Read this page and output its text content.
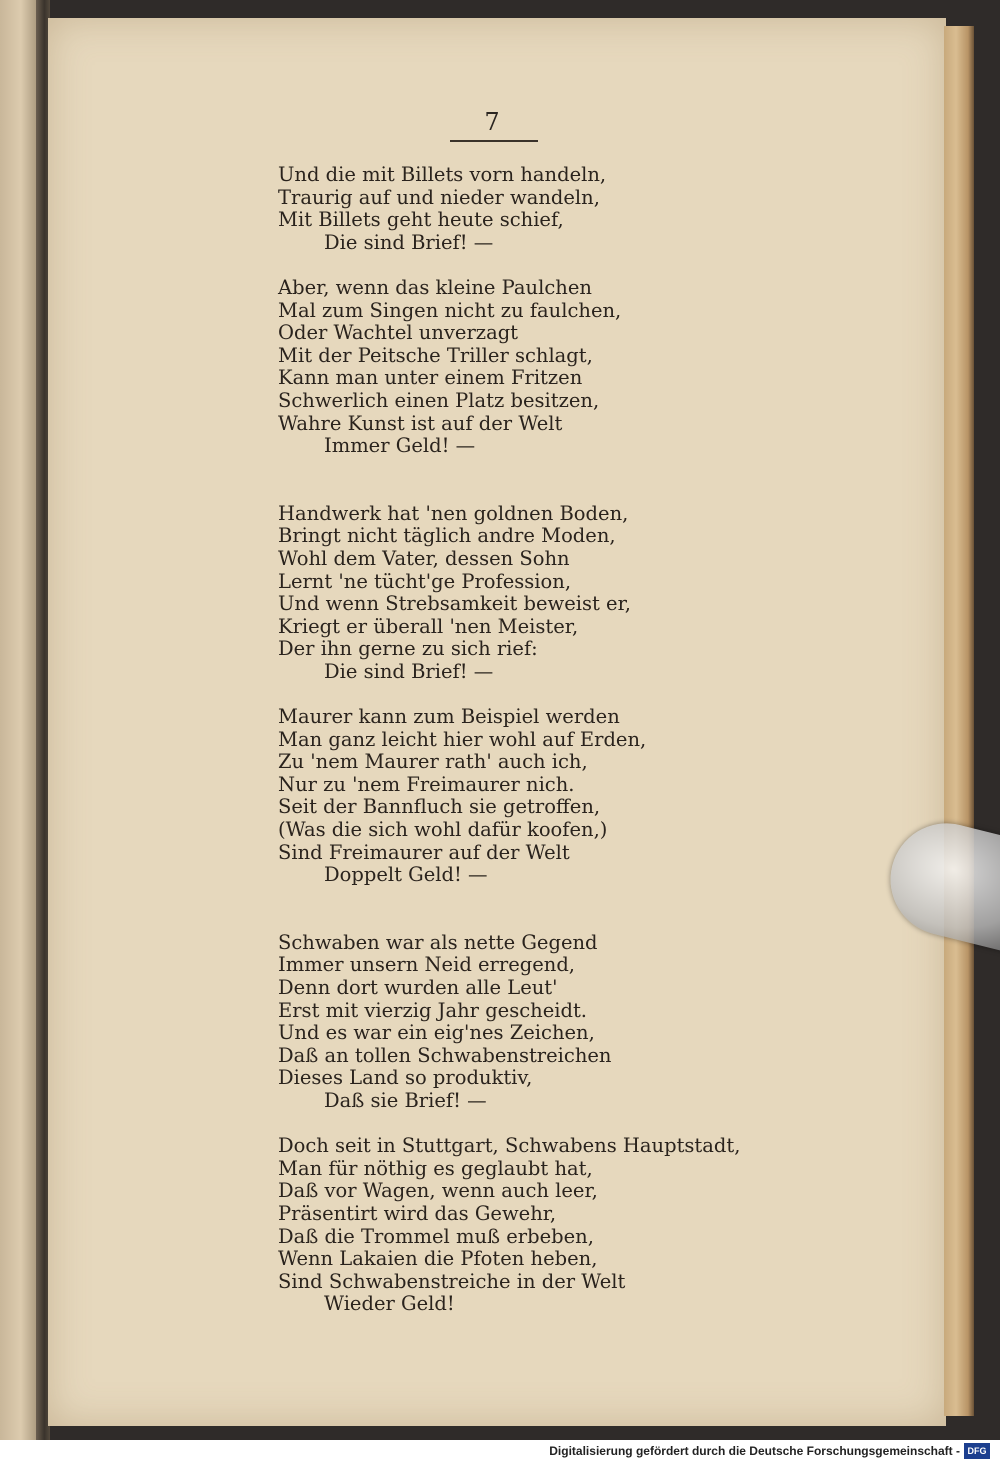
7
Und die mit Billets vorn handeln,
Traurig auf und nieder wandeln,
Mit Billets geht heute schief,
Die sind Brief! —
Aber, wenn das kleine Paulchen
Mal zum Singen nicht zu faulchen,
Oder Wachtel unverzagt
Mit der Peitsche Triller schlagt,
Kann man unter einem Fritzen
Schwerlich einen Platz besitzen,
Wahre Kunst ist auf der Welt
Immer Geld! —
Handwerk hat 'nen goldnen Boden,
Bringt nicht täglich andre Moden,
Wohl dem Vater, dessen Sohn
Lernt 'ne tücht'ge Profession,
Und wenn Strebsamkeit beweist er,
Kriegt er überall 'nen Meister,
Der ihn gerne zu sich rief:
Die sind Brief! —
Maurer kann zum Beispiel werden
Man ganz leicht hier wohl auf Erden,
Zu 'nem Maurer rath' auch ich,
Nur zu 'nem Freimaurer nich.
Seit der Bannfluch sie getroffen,
(Was die sich wohl dafür koofen,)
Sind Freimaurer auf der Welt
Doppelt Geld! —
Schwaben war als nette Gegend
Immer unsern Neid erregend,
Denn dort wurden alle Leut'
Erst mit vierzig Jahr gescheidt.
Und es war ein eig'nes Zeichen,
Daß an tollen Schwabenstreichen
Dieses Land so produktiv,
Daß sie Brief! —
Doch seit in Stuttgart, Schwabens Hauptstadt,
Man für nöthig es geglaubt hat,
Daß vor Wagen, wenn auch leer,
Präsentirt wird das Gewehr,
Daß die Trommel muß erbeben,
Wenn Lakaien die Pfoten heben,
Sind Schwabenstreiche in der Welt
Wieder Geld!
Digitalisierung gefördert durch die Deutsche Forschungsgemeinschaft - DFG
